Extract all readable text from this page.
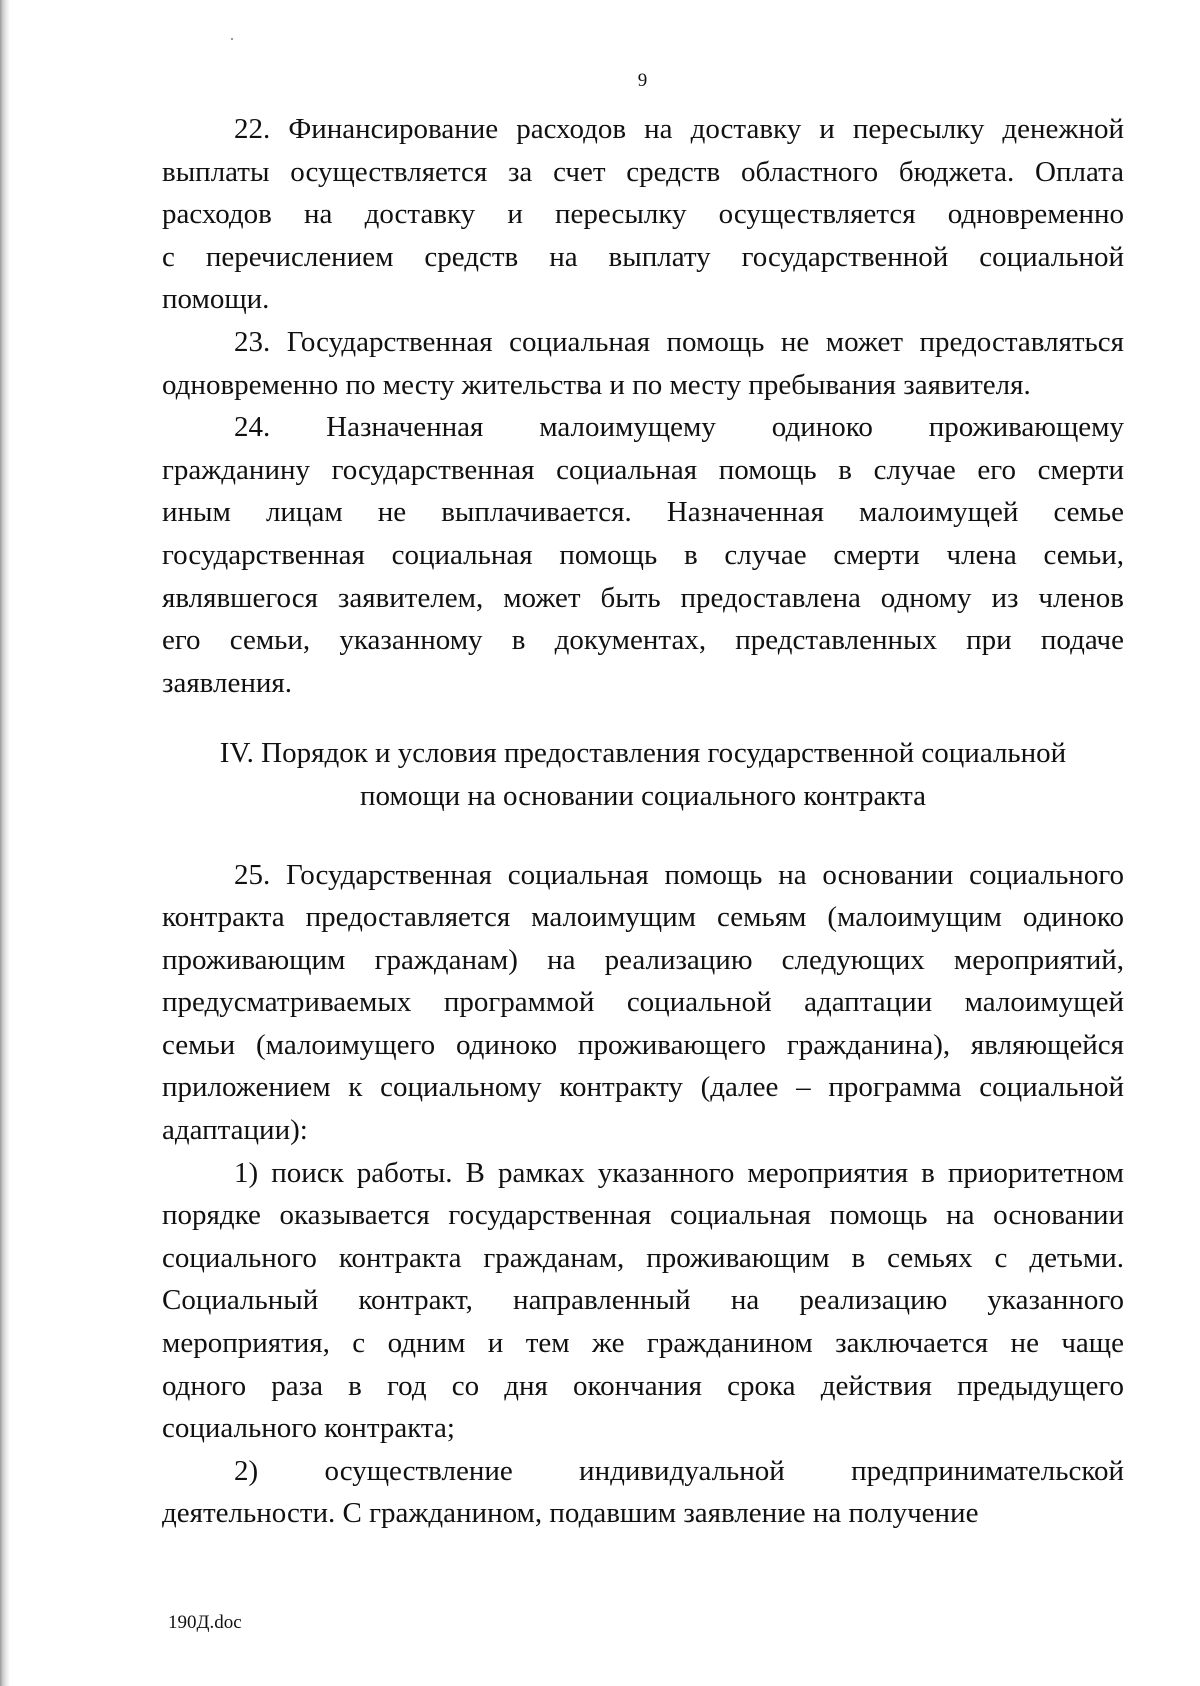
9

22. Финансирование расходов на доставку и пересылку денежной
выплаты осуществляется за счет средств областного бюджета. Оплата
расходов на доставку и пересылку осуществляется одновременно
с перечислением средств на выплату государственной социальной
помощи.

23. Государственная социальная помощь не может предоставляться
одновременно по месту жительства и по месту пребывания заявителя.

24. Назначенная малоимущему одиноко проживающему
гражданину государственная социальная помощь в случае его смерти
иным лицам не выплачивается. Назначенная малоимущей семье
государственная социальная помощь в случае смерти члена семьи,
являвшегося заявителем, может быть предоставлена одному из членов
его семьи, указанному в документах, представленных при подаче
заявления.

IV. Порядок и условия предоставления государственной социальной
помощи на основании социального контракта

25. Государственная социальная помощь на основании социального
контракта предоставляется малоимущим семьям (малоимущим одиноко
проживающим гражданам) на реализацию следующих мероприятий,
предусматриваемых программой социальной адаптации малоимущей
семьи (малоимущего одиноко проживающего гражданина), являющейся
приложением к социальному контракту (далее – программа социальной
адаптации):

1) поиск работы. В рамках указанного мероприятия в приоритетном
порядке оказывается государственная социальная помощь на основании
социального контракта гражданам, проживающим в семьях с детьми.
Социальный контракт, направленный на реализацию указанного
мероприятия, с одним и тем же гражданином заключается не чаще
одного раза в год со дня окончания срока действия предыдущего
социального контракта;

2) осуществление индивидуальной предпринимательской
деятельности. С гражданином, подавшим заявление на получение

190Д.doc
